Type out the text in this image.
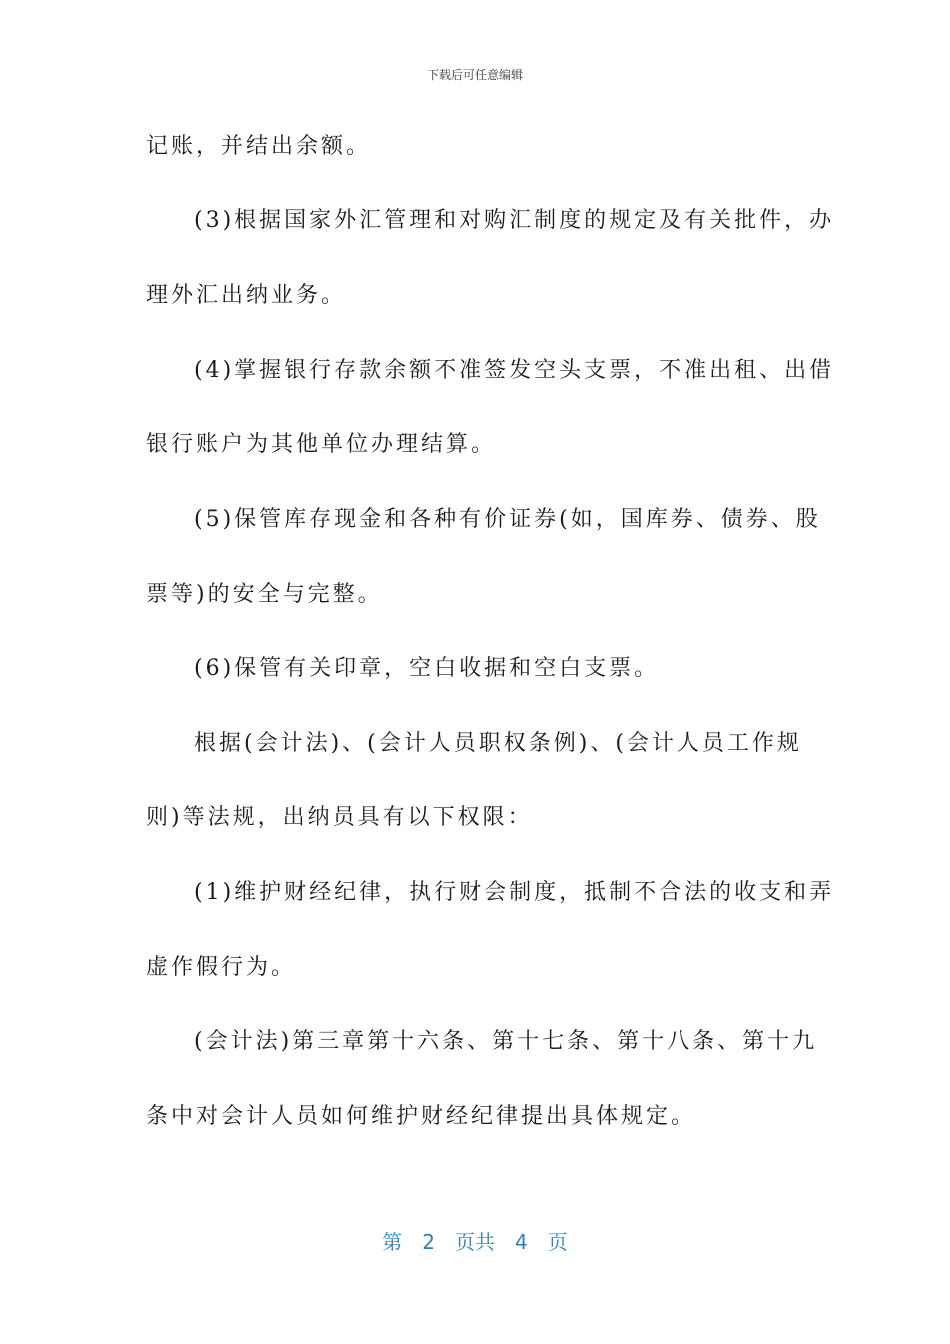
下载后可任意编辑
记账，并结出余额。
(3)根据国家外汇管理和对购汇制度的规定及有关批件，办
理外汇出纳业务。
(4)掌握银行存款余额不准签发空头支票，不准出租、出借
银行账户为其他单位办理结算。
(5)保管库存现金和各种有价证券(如，国库券、债券、股
票等)的安全与完整。
(6)保管有关印章，空白收据和空白支票。
根据(会计法)、(会计人员职权条例)、(会计人员工作规
则)等法规，出纳员具有以下权限：
(1)维护财经纪律，执行财会制度，抵制不合法的收支和弄
虚作假行为。
(会计法)第三章第十六条、第十七条、第十八条、第十九
条中对会计人员如何维护财经纪律提出具体规定。
第 2 页共 4 页
